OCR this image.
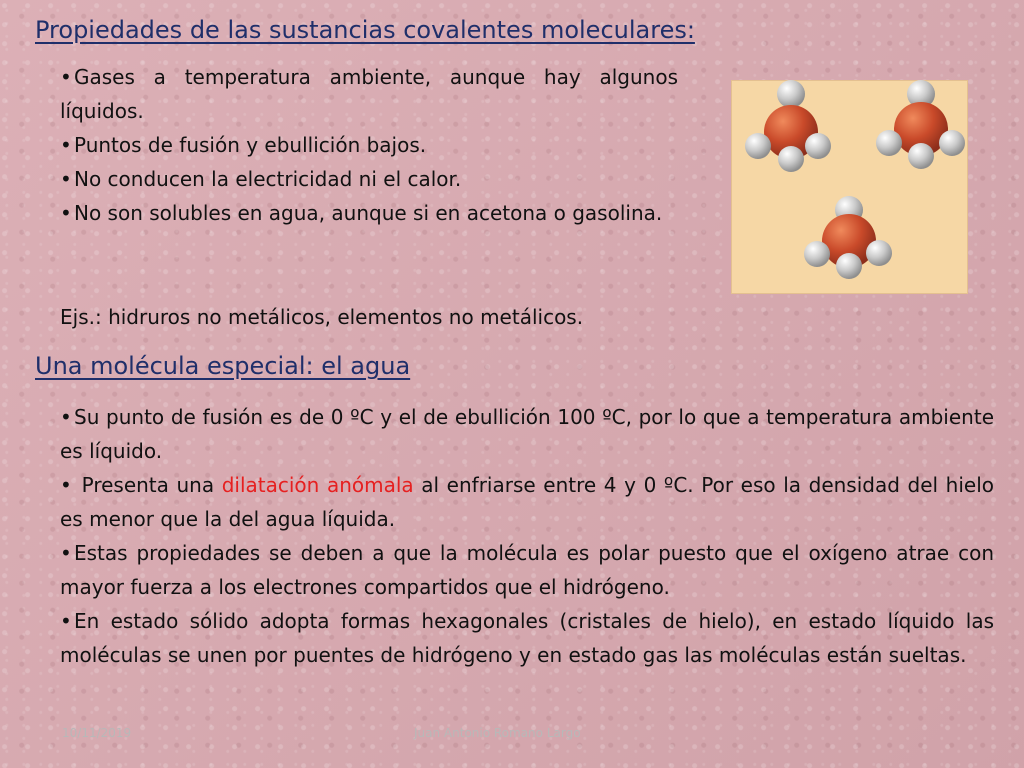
Propiedades de las sustancias covalentes moleculares:
• Gases a temperatura ambiente, aunque hay algunos líquidos.
• Puntos de fusión y ebullición bajos.
• No conducen la electricidad ni el calor.
• No son solubles en agua, aunque si en acetona o gasolina.
Ejs.: hidruros no metálicos, elementos no metálicos.
Una molécula especial: el agua
• Su punto de fusión es de 0 ºC y el de ebullición 100 ºC, por lo que a temperatura ambiente es líquido.
• Presenta una dilatación anómala al enfriarse entre 4 y 0 ºC. Por eso la densidad del hielo es menor que la del agua líquida.
• Estas propiedades se deben a que la molécula es polar puesto que el oxígeno atrae con mayor fuerza a los electrones compartidos que el hidrógeno.
• En estado sólido adopta formas hexagonales (cristales de hielo), en estado líquido las moléculas se unen por puentes de hidrógeno y en estado gas las moléculas están sueltas.
10/11/2019	Juan Antonio Romano Largo
